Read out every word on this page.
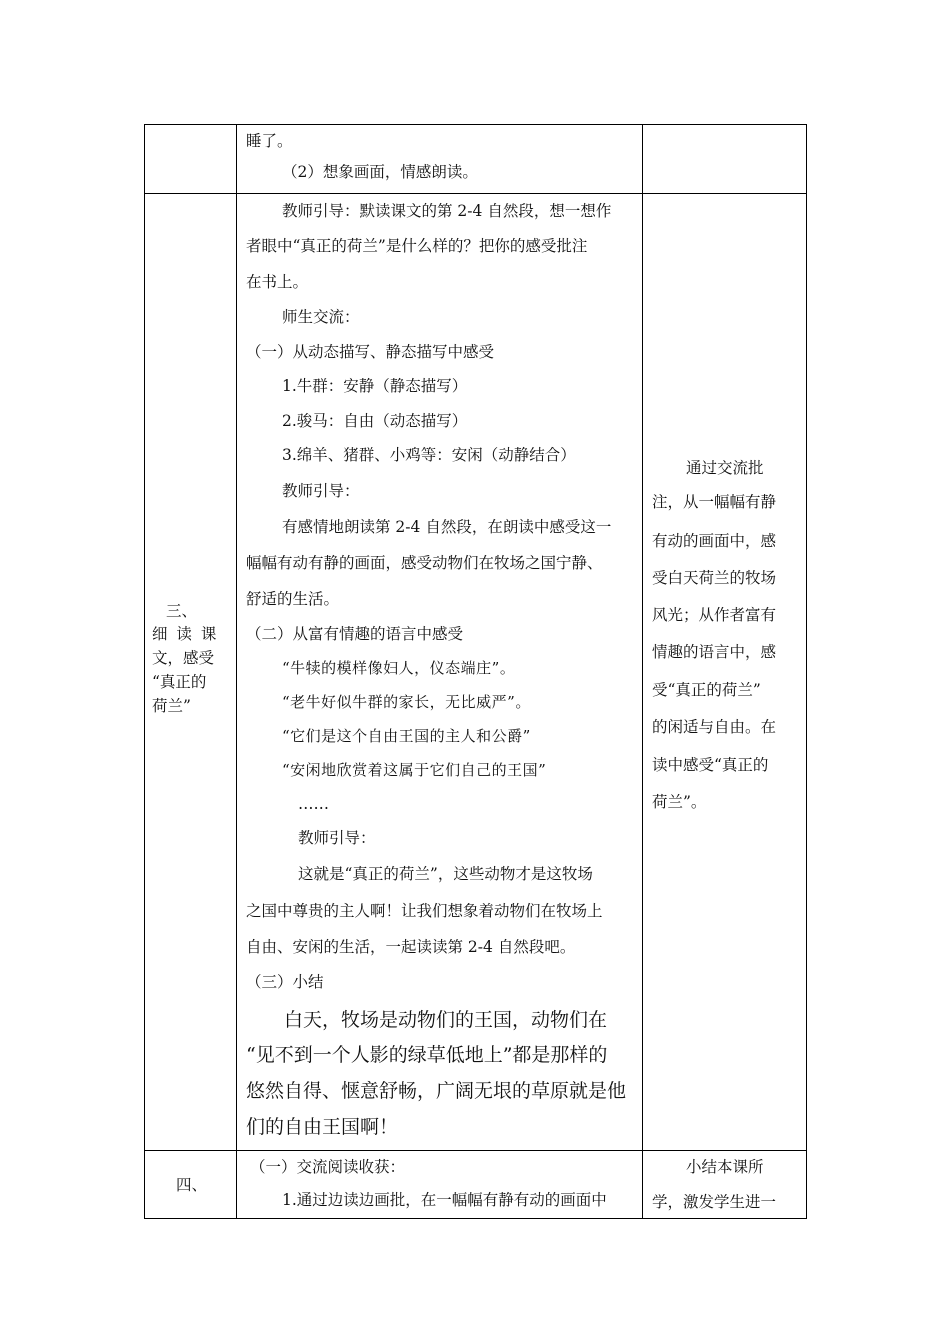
睡了。
（2）想象画面，情感朗读。
三、
细 读 课
文，感受
“真正的
荷兰”
教师引导：默读课文的第 2-4 自然段，想一想作
者眼中“真正的荷兰”是什么样的？把你的感受批注
在书上。
师生交流：
（一）从动态描写、静态描写中感受
1.牛群：安静（静态描写）
2.骏马：自由（动态描写）
3.绵羊、猪群、小鸡等：安闲（动静结合）
教师引导：
有感情地朗读第 2-4 自然段，在朗读中感受这一
幅幅有动有静的画面，感受动物们在牧场之国宁静、
舒适的生活。
（二）从富有情趣的语言中感受
“牛犊的模样像妇人，仪态端庄”。
“老牛好似牛群的家长，无比威严”。
“它们是这个自由王国的主人和公爵”
“安闲地欣赏着这属于它们自己的王国”
……
教师引导：
这就是“真正的荷兰”，这些动物才是这牧场
之国中尊贵的主人啊！让我们想象着动物们在牧场上
自由、安闲的生活，一起读读第 2-4 自然段吧。
（三）小结
白天，牧场是动物们的王国，动物们在
“见不到一个人影的绿草低地上”都是那样的
悠然自得、惬意舒畅，广阔无垠的草原就是他
们的自由王国啊！
通过交流批
注，从一幅幅有静
有动的画面中，感
受白天荷兰的牧场
风光；从作者富有
情趣的语言中，感
受“真正的荷兰”
的闲适与自由。在
读中感受“真正的
荷兰”。
四、
（一）交流阅读收获：
1.通过边读边画批，在一幅幅有静有动的画面中
小结本课所
学，激发学生进一
